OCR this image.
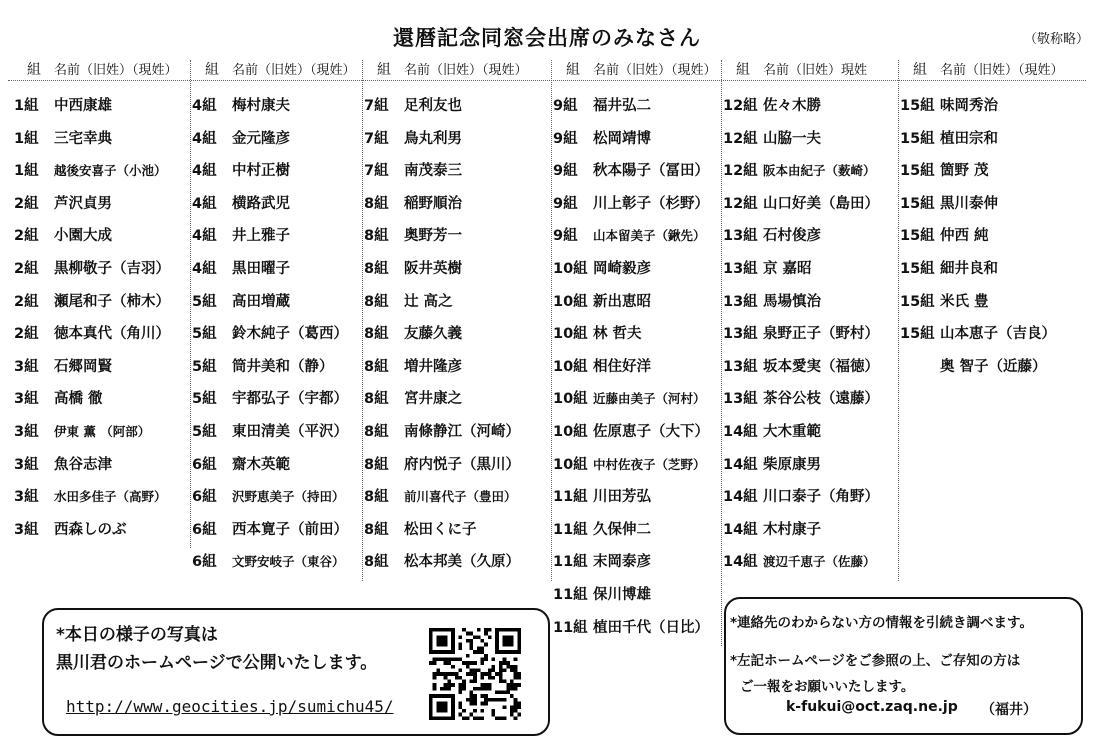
還暦記念同窓会出席のみなさん	（敬称略）
組 名前（旧姓）（現姓）
1組 中西康雄
1組 三宅幸典
1組 越後安喜子（小池）
2組 芦沢貞男
2組 小園大成
2組 黒柳敬子（吉羽）
2組 瀬尾和子（柿木）
2組 徳本真代（角川）
3組 石郷岡賢
3組 高橋 徹
3組 伊東 薫 （阿部）
3組 魚谷志津
3組 水田多佳子（高野）
3組 西森しのぶ
組 名前（旧姓）（現姓）
4組 梅村康夫
4組 金元隆彦
4組 中村正樹
4組 横路武児
4組 井上雅子
4組 黒田曜子
5組 高田増蔵
5組 鈴木純子（葛西）
5組 筒井美和（静）
5組 宇都弘子（宇都）
5組 東田清美（平沢）
6組 齋木英範
6組 沢野恵美子（持田）
6組 西本寛子（前田）
6組 文野安岐子（東谷）
組 名前（旧姓）（現姓）
7組 足利友也
7組 鳥丸利男
7組 南茂泰三
8組 稲野順治
8組 奥野芳一
8組 阪井英樹
8組 辻 高之
8組 友藤久義
8組 増井隆彦
8組 宮井康之
8組 南條静江（河崎）
8組 府内悦子（黒川）
8組 前川喜代子（豊田）
8組 松田くに子
8組 松本邦美（久原）
組 名前（旧姓）（現姓）
9組 福井弘二
9組 松岡靖博
9組 秋本陽子（冨田）
9組 川上彰子（杉野）
9組 山本留美子（鍬先）
10組 岡崎毅彦
10組 新出恵昭
10組 林 哲夫
10組 相住好洋
10組 近藤由美子（河村）
10組 佐原恵子（大下）
10組 中村佐夜子（芝野）
11組 川田芳弘
11組 久保伸二
11組 末岡泰彦
11組 保川博雄
11組 植田千代（日比）
組 名前（旧姓）現姓
12組 佐々木勝
12組 山脇一夫
12組 阪本由紀子（薮崎）
12組 山口好美（島田）
13組 石村俊彦
13組 京 嘉昭
13組 馬場慎治
13組 泉野正子（野村）
13組 坂本愛実（福徳）
13組 茶谷公枝（遠藤）
14組 大木重範
14組 柴原康男
14組 川口泰子（角野）
14組 木村康子
14組 渡辺千恵子（佐藤）
組 名前（旧姓）（現姓）
15組 味岡秀治
15組 植田宗和
15組 箇野 茂
15組 黒川泰伸
15組 仲西 純
15組 細井良和
15組 米氏 豊
15組 山本恵子（吉良）
奥 智子（近藤）
*本日の様子の写真は
黒川君のホームページで公開いたします。
http://www.geocities.jp/sumichu45/
*連絡先のわからない方の情報を引続き調べます。
*左記ホームページをご参照の上、ご存知の方は
ご一報をお願いいたします。
k-fukui@oct.zaq.ne.jp （福井）
